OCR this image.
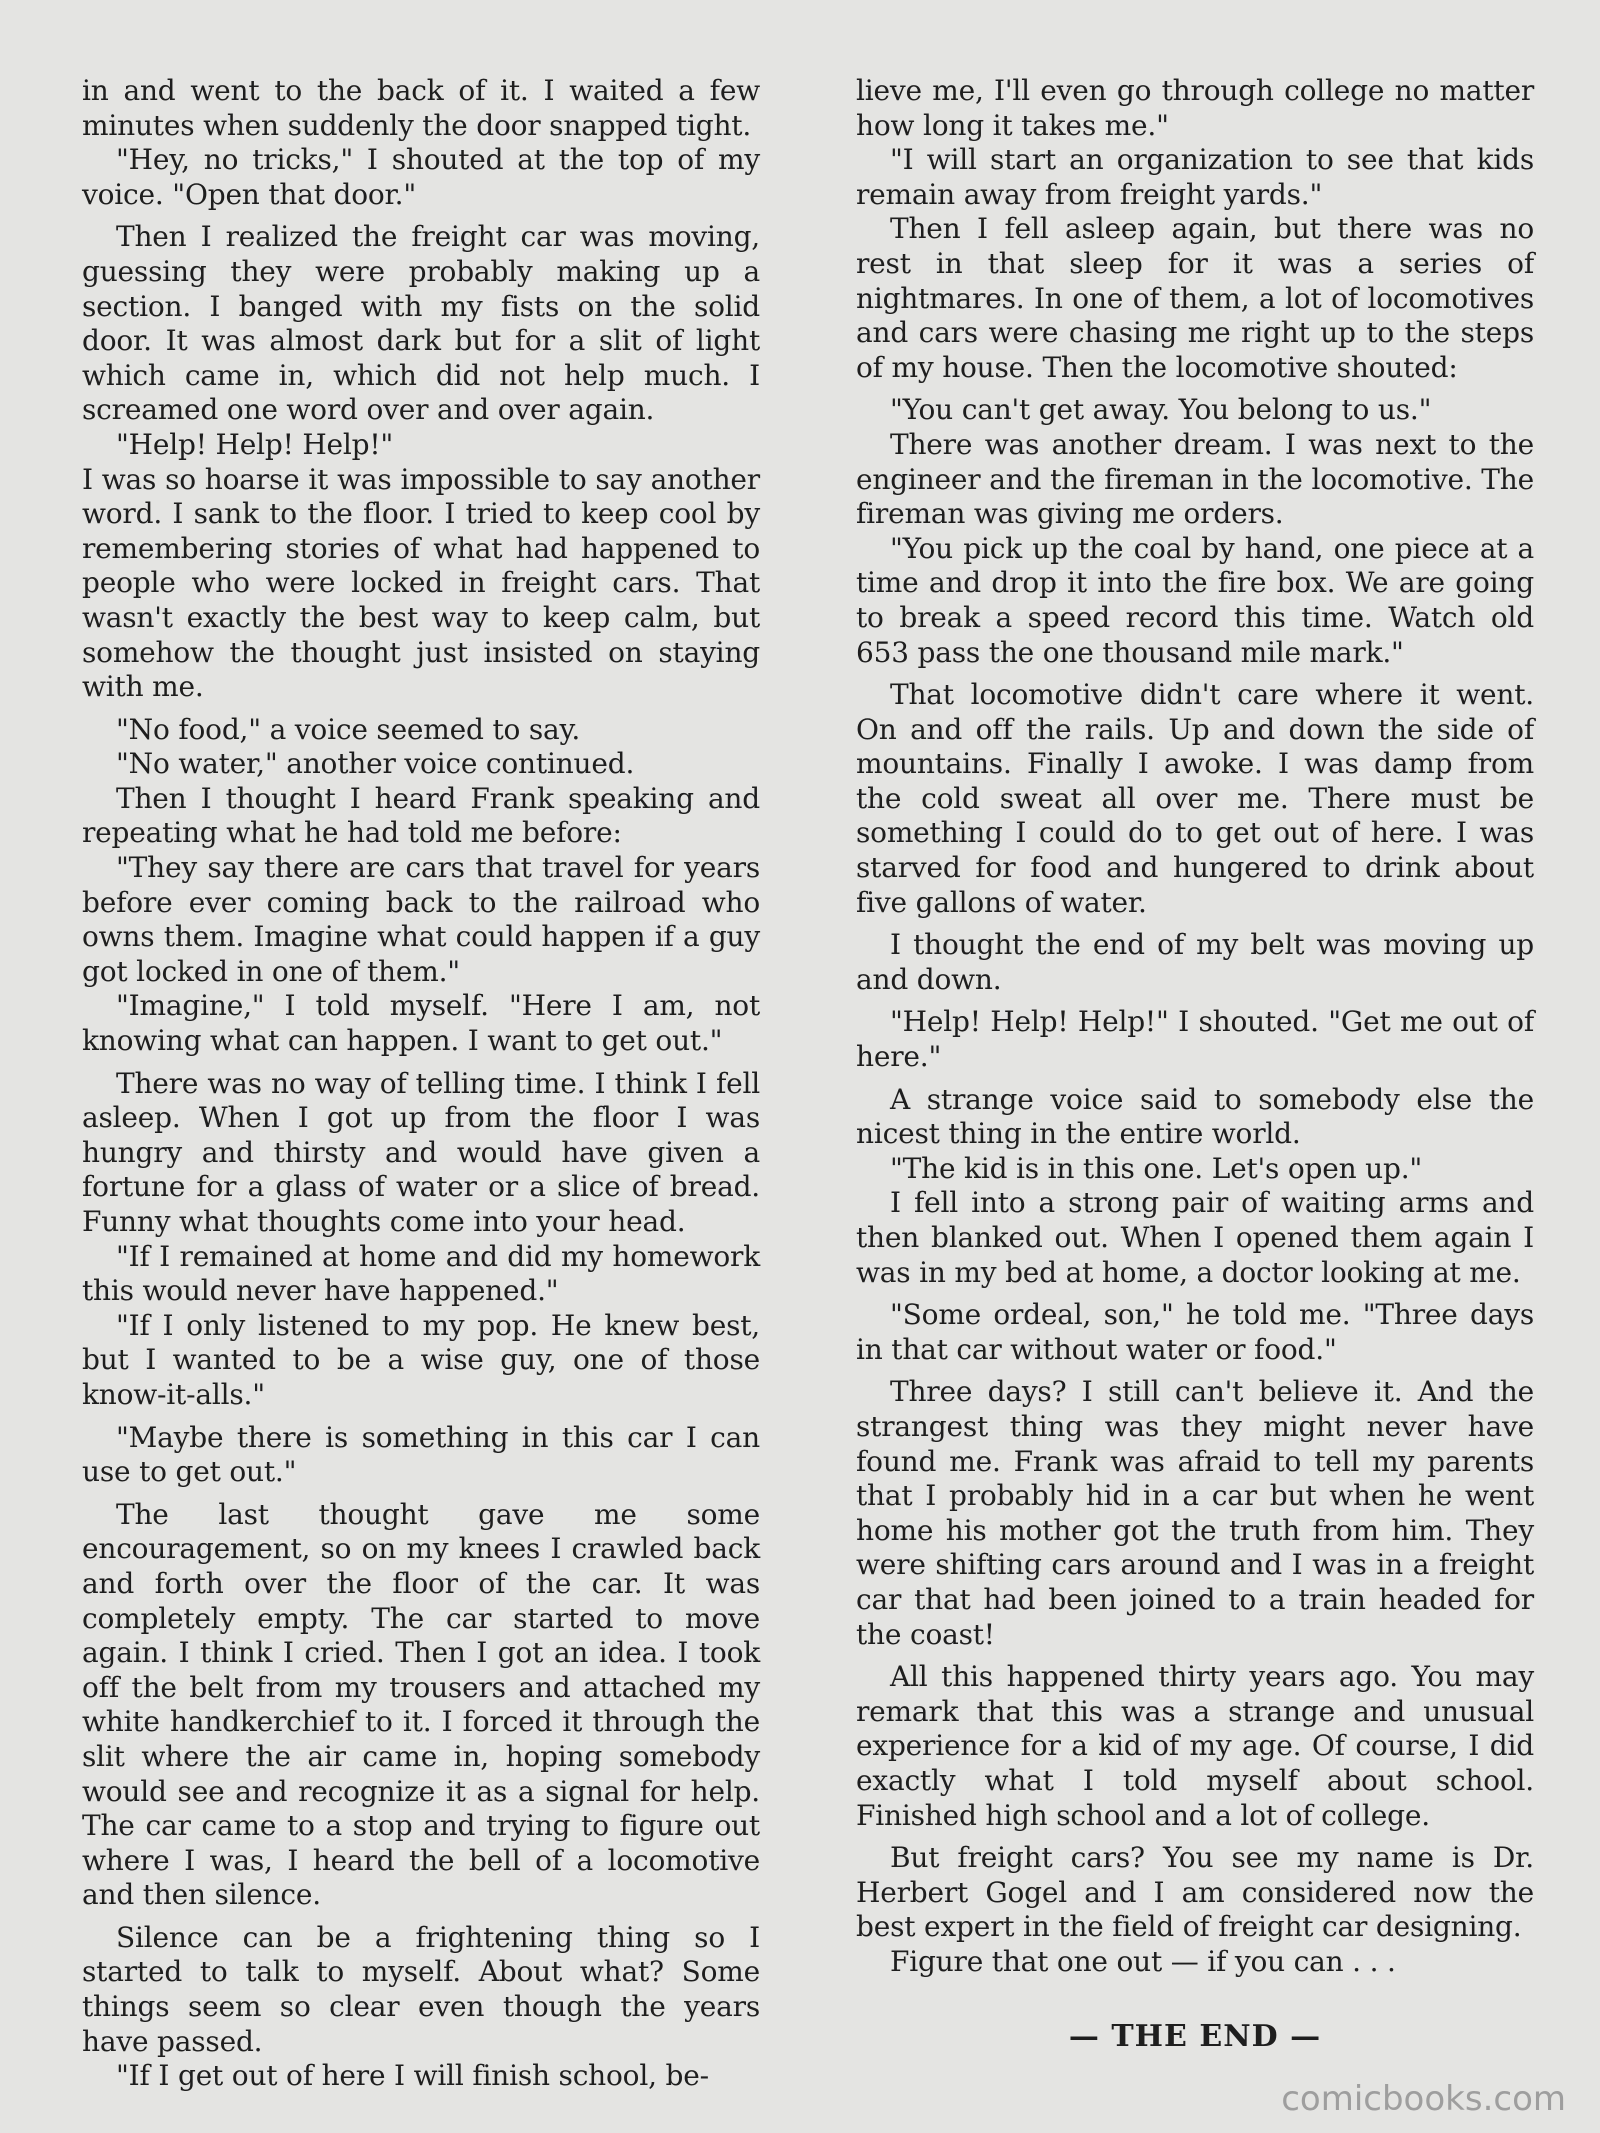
in and went to the back of it. I waited a few minutes when suddenly the door snapped tight.

"Hey, no tricks," I shouted at the top of my voice. "Open that door."

Then I realized the freight car was moving, guessing they were probably making up a section. I banged with my fists on the solid door. It was almost dark but for a slit of light which came in, which did not help much. I screamed one word over and over again.

"Help! Help! Help!"

I was so hoarse it was impossible to say another word. I sank to the floor. I tried to keep cool by remembering stories of what had happened to people who were locked in freight cars. That wasn't exactly the best way to keep calm, but somehow the thought just insisted on staying with me.

"No food," a voice seemed to say.

"No water," another voice continued.

Then I thought I heard Frank speaking and repeating what he had told me before:

"They say there are cars that travel for years before ever coming back to the railroad who owns them. Imagine what could happen if a guy got locked in one of them."

"Imagine," I told myself. "Here I am, not knowing what can happen. I want to get out."

There was no way of telling time. I think I fell asleep. When I got up from the floor I was hungry and thirsty and would have given a fortune for a glass of water or a slice of bread. Funny what thoughts come into your head.

"If I remained at home and did my homework this would never have happened."

"If I only listened to my pop. He knew best, but I wanted to be a wise guy, one of those know-it-alls."

"Maybe there is something in this car I can use to get out."

The last thought gave me some encouragement, so on my knees I crawled back and forth over the floor of the car. It was completely empty. The car started to move again. I think I cried. Then I got an idea. I took off the belt from my trousers and attached my white handkerchief to it. I forced it through the slit where the air came in, hoping somebody would see and recognize it as a signal for help. The car came to a stop and trying to figure out where I was, I heard the bell of a locomotive and then silence.

Silence can be a frightening thing so I started to talk to myself. About what? Some things seem so clear even though the years have passed.

"If I get out of here I will finish school, be-

lieve me, I'll even go through college no matter how long it takes me."

"I will start an organization to see that kids remain away from freight yards."

Then I fell asleep again, but there was no rest in that sleep for it was a series of nightmares. In one of them, a lot of locomotives and cars were chasing me right up to the steps of my house. Then the locomotive shouted:

"You can't get away. You belong to us."

There was another dream. I was next to the engineer and the fireman in the locomotive. The fireman was giving me orders.

"You pick up the coal by hand, one piece at a time and drop it into the fire box. We are going to break a speed record this time. Watch old 653 pass the one thousand mile mark."

That locomotive didn't care where it went. On and off the rails. Up and down the side of mountains. Finally I awoke. I was damp from the cold sweat all over me. There must be something I could do to get out of here. I was starved for food and hungered to drink about five gallons of water.

I thought the end of my belt was moving up and down.

"Help! Help! Help!" I shouted. "Get me out of here."

A strange voice said to somebody else the nicest thing in the entire world.

"The kid is in this one. Let's open up."

I fell into a strong pair of waiting arms and then blanked out. When I opened them again I was in my bed at home, a doctor looking at me.

"Some ordeal, son," he told me. "Three days in that car without water or food."

Three days? I still can't believe it. And the strangest thing was they might never have found me. Frank was afraid to tell my parents that I probably hid in a car but when he went home his mother got the truth from him. They were shifting cars around and I was in a freight car that had been joined to a train headed for the coast!

All this happened thirty years ago. You may remark that this was a strange and unusual experience for a kid of my age. Of course, I did exactly what I told myself about school. Finished high school and a lot of college.

But freight cars? You see my name is Dr. Herbert Gogel and I am considered now the best expert in the field of freight car designing.

Figure that one out — if you can . . .

— THE END —
comicbooks.com
